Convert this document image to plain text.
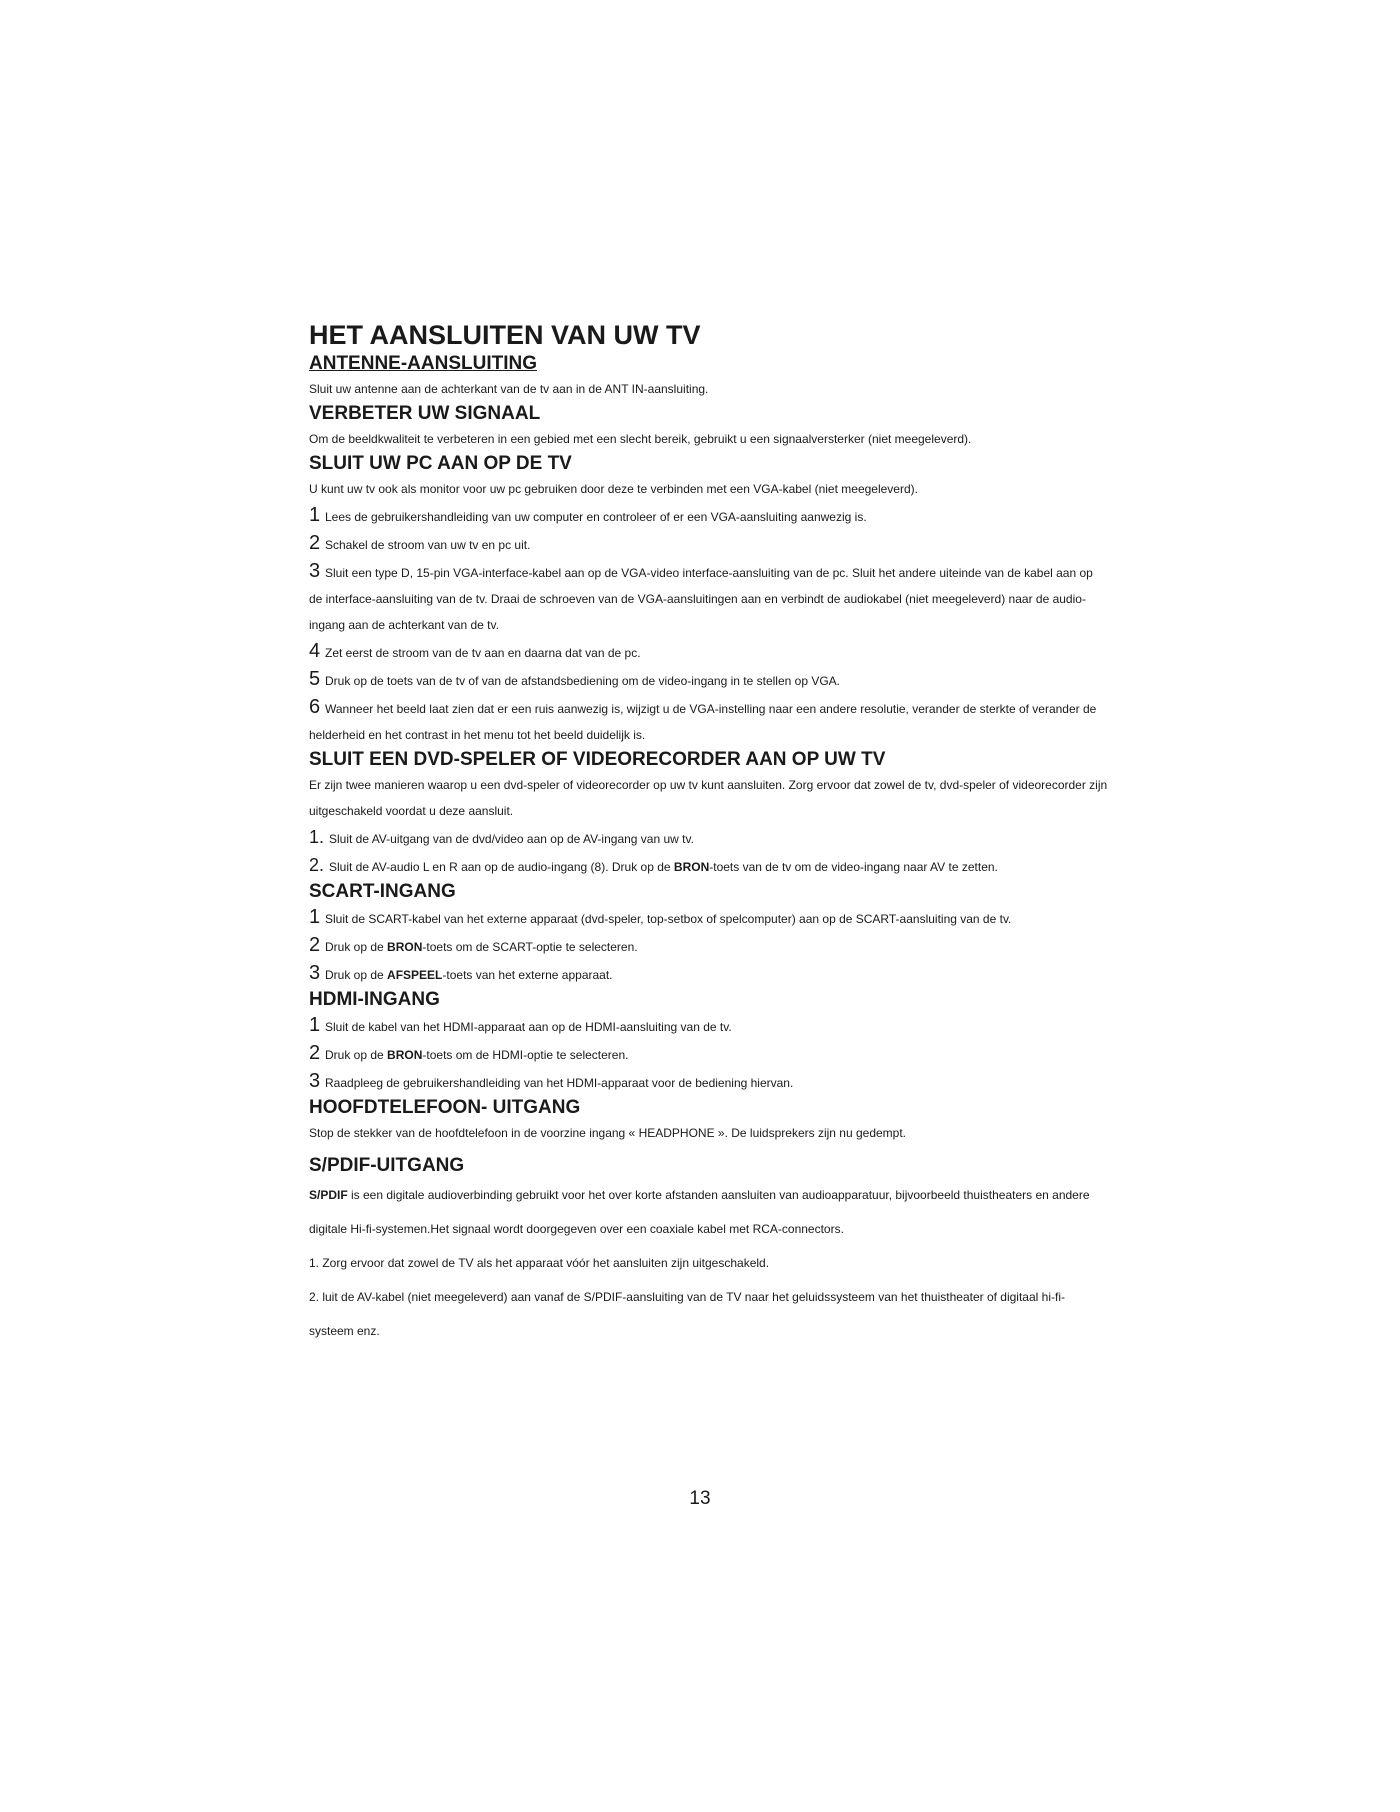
HET AANSLUITEN VAN UW TV
ANTENNE-AANSLUITING

Sluit uw antenne aan de achterkant van de tv aan in de ANT IN-aansluiting.

VERBETER UW SIGNAAL

Om de beeldkwaliteit te verbeteren in een gebied met een slecht bereik, gebruikt u een signaalversterker (niet meegeleverd).

SLUIT UW PC AAN OP DE TV

U kunt uw tv ook als monitor voor uw pc gebruiken door deze te verbinden met een VGA-kabel (niet meegeleverd).

1 Lees de gebruikershandleiding van uw computer en controleer of er een VGA-aansluiting aanwezig is.

2 Schakel de stroom van uw tv en pc uit.

3 Sluit een type D, 15-pin VGA-interface-kabel aan op de VGA-video interface-aansluiting van de pc. Sluit het andere uiteinde van de kabel aan op de interface-aansluiting van de tv. Draai de schroeven van de VGA-aansluitingen aan en verbindt de audiokabel (niet meegeleverd) naar de audio-ingang aan de achterkant van de tv.

4 Zet eerst de stroom van de tv aan en daarna dat van de pc.

5 Druk op de toets van de tv of van de afstandsbediening om de video-ingang in te stellen op VGA.

6 Wanneer het beeld laat zien dat er een ruis aanwezig is, wijzigt u de VGA-instelling naar een andere resolutie, verander de sterkte of verander de helderheid en het contrast in het menu tot het beeld duidelijk is.

SLUIT EEN DVD-SPELER OF VIDEORECORDER AAN OP UW TV

Er zijn twee manieren waarop u een dvd-speler of videorecorder op uw tv kunt aansluiten. Zorg ervoor dat zowel de tv, dvd-speler of videorecorder zijn uitgeschakeld voordat u deze aansluit.

1. Sluit de AV-uitgang van de dvd/video aan op de AV-ingang van uw tv.

2. Sluit de AV-audio L en R aan op de audio-ingang (8). Druk op de BRON-toets van de tv om de video-ingang naar AV te zetten.

SCART-INGANG

1 Sluit de SCART-kabel van het externe apparaat (dvd-speler, top-setbox of spelcomputer) aan op de SCART-aansluiting van de tv.

2 Druk op de BRON-toets om de SCART-optie te selecteren.

3 Druk op de AFSPEEL-toets van het externe apparaat.

HDMI-INGANG

1 Sluit de kabel van het HDMI-apparaat aan op de HDMI-aansluiting van de tv.

2 Druk op de BRON-toets om de HDMI-optie te selecteren.

3 Raadpleeg de gebruikershandleiding van het HDMI-apparaat voor de bediening hiervan.

HOOFDTELEFOON- UITGANG

Stop de stekker van de hoofdtelefoon in de voorzine ingang « HEADPHONE ». De luidsprekers zijn nu gedempt.

S/PDIF-UITGANG

S/PDIF is een digitale audioverbinding gebruikt voor het over korte afstanden aansluiten van audioapparatuur, bijvoorbeeld thuistheaters en andere digitale Hi-fi-systemen.Het signaal wordt doorgegeven over een coaxiale kabel met RCA-connectors.

1. Zorg ervoor dat zowel de TV als het apparaat vóór het aansluiten zijn uitgeschakeld.

2. luit de AV-kabel (niet meegeleverd) aan vanaf de S/PDIF-aansluiting van de TV naar het geluidssysteem van het thuistheater of digitaal hi-fi-systeem enz.

13
